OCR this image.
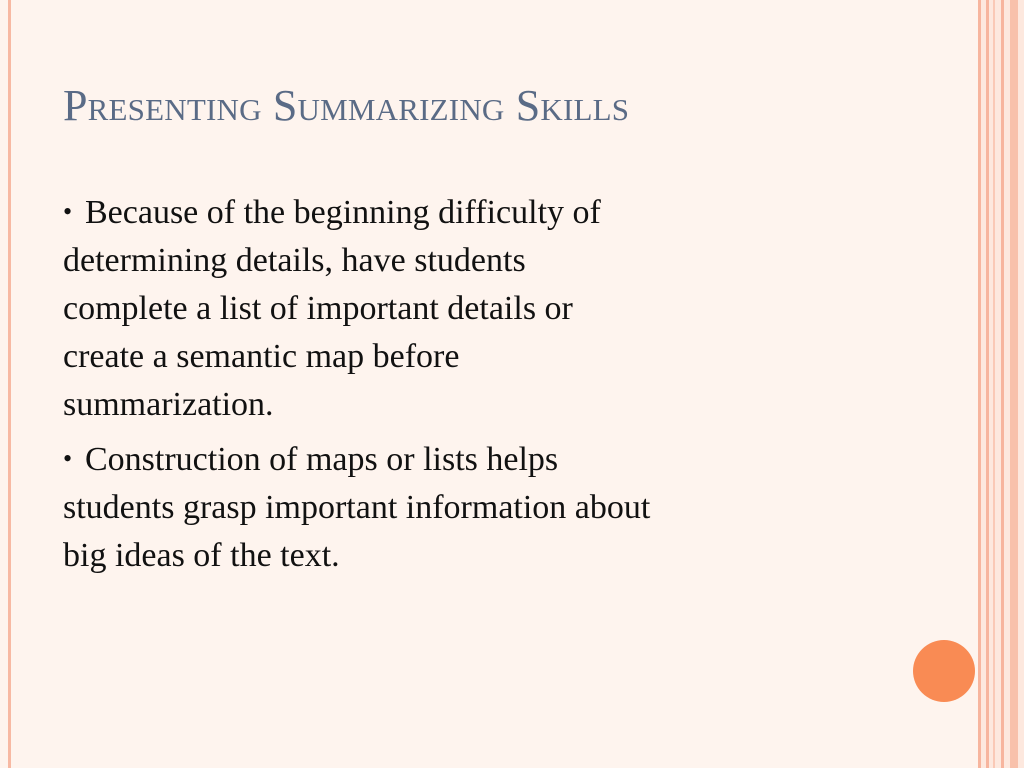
Presenting Summarizing Skills
• Because of the beginning difficulty of
determining details, have students
complete a list of important details or
create a semantic map before
summarization.
• Construction of maps or lists helps
students grasp important information about
big ideas of the text.
